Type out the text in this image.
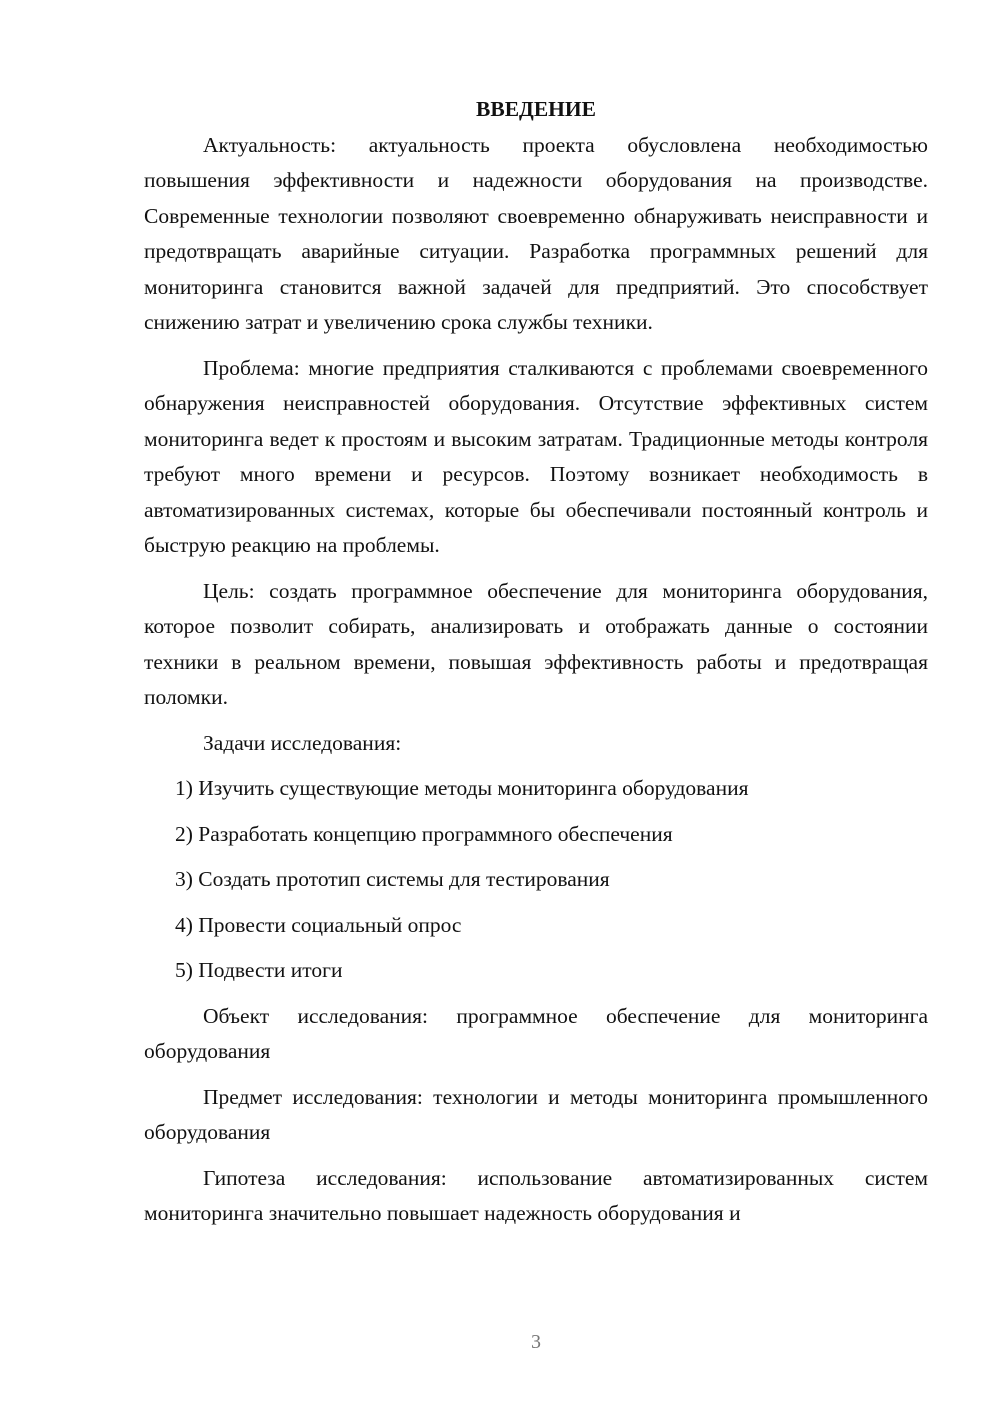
ВВЕДЕНИЕ

Актуальность: актуальность проекта обусловлена необходимостью повышения эффективности и надежности оборудования на производстве. Современные технологии позволяют своевременно обнаруживать неисправности и предотвращать аварийные ситуации. Разработка программных решений для мониторинга становится важной задачей для предприятий. Это способствует снижению затрат и увеличению срока службы техники.

Проблема: многие предприятия сталкиваются с проблемами своевременного обнаружения неисправностей оборудования. Отсутствие эффективных систем мониторинга ведет к простоям и высоким затратам. Традиционные методы контроля требуют много времени и ресурсов. Поэтому возникает необходимость в автоматизированных системах, которые бы обеспечивали постоянный контроль и быструю реакцию на проблемы.

Цель: создать программное обеспечение для мониторинга оборудования, которое позволит собирать, анализировать и отображать данные о состоянии техники в реальном времени, повышая эффективность работы и предотвращая поломки.

Задачи исследования:

1) Изучить существующие методы мониторинга оборудования
2) Разработать концепцию программного обеспечения
3) Создать прототип системы для тестирования
4) Провести социальный опрос
5) Подвести итоги

Объект исследования: программное обеспечение для мониторинга оборудования

Предмет исследования: технологии и методы мониторинга промышленного оборудования

Гипотеза исследования: использование автоматизированных систем мониторинга значительно повышает надежность оборудования и

3
